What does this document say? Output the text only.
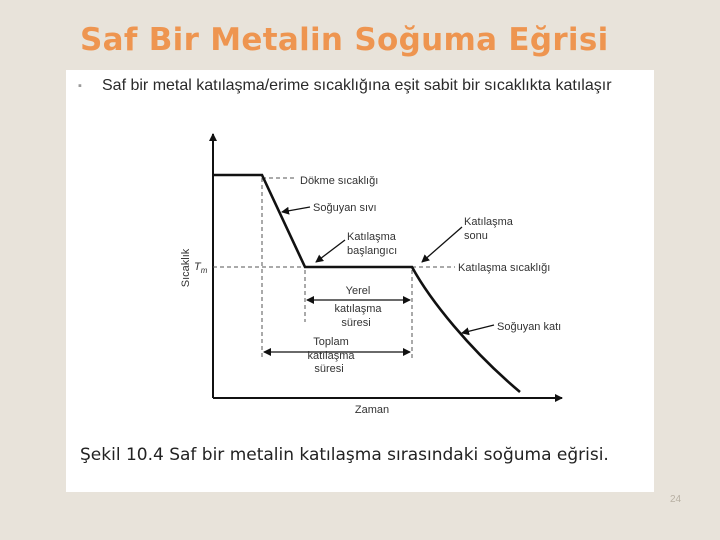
Saf Bir Metalin Soğuma Eğrisi
▪ Saf bir metal katılaşma/erime sıcaklığına eşit sabit bir sıcaklıkta katılaşır
Sıcaklık
Zaman
$T_m$
Dökme sıcaklığı
Soğuyan sıvı
Katılaşma
başlangıcı
Katılaşma
sonu
Katılaşma sıcaklığı
Yerel
katılaşma
süresi	Soğuyan katı
Toplam
katılaşma
süresi
Şekil 10.4 Saf bir metalin katılaşma sırasındaki soğuma eğrisi.
24
